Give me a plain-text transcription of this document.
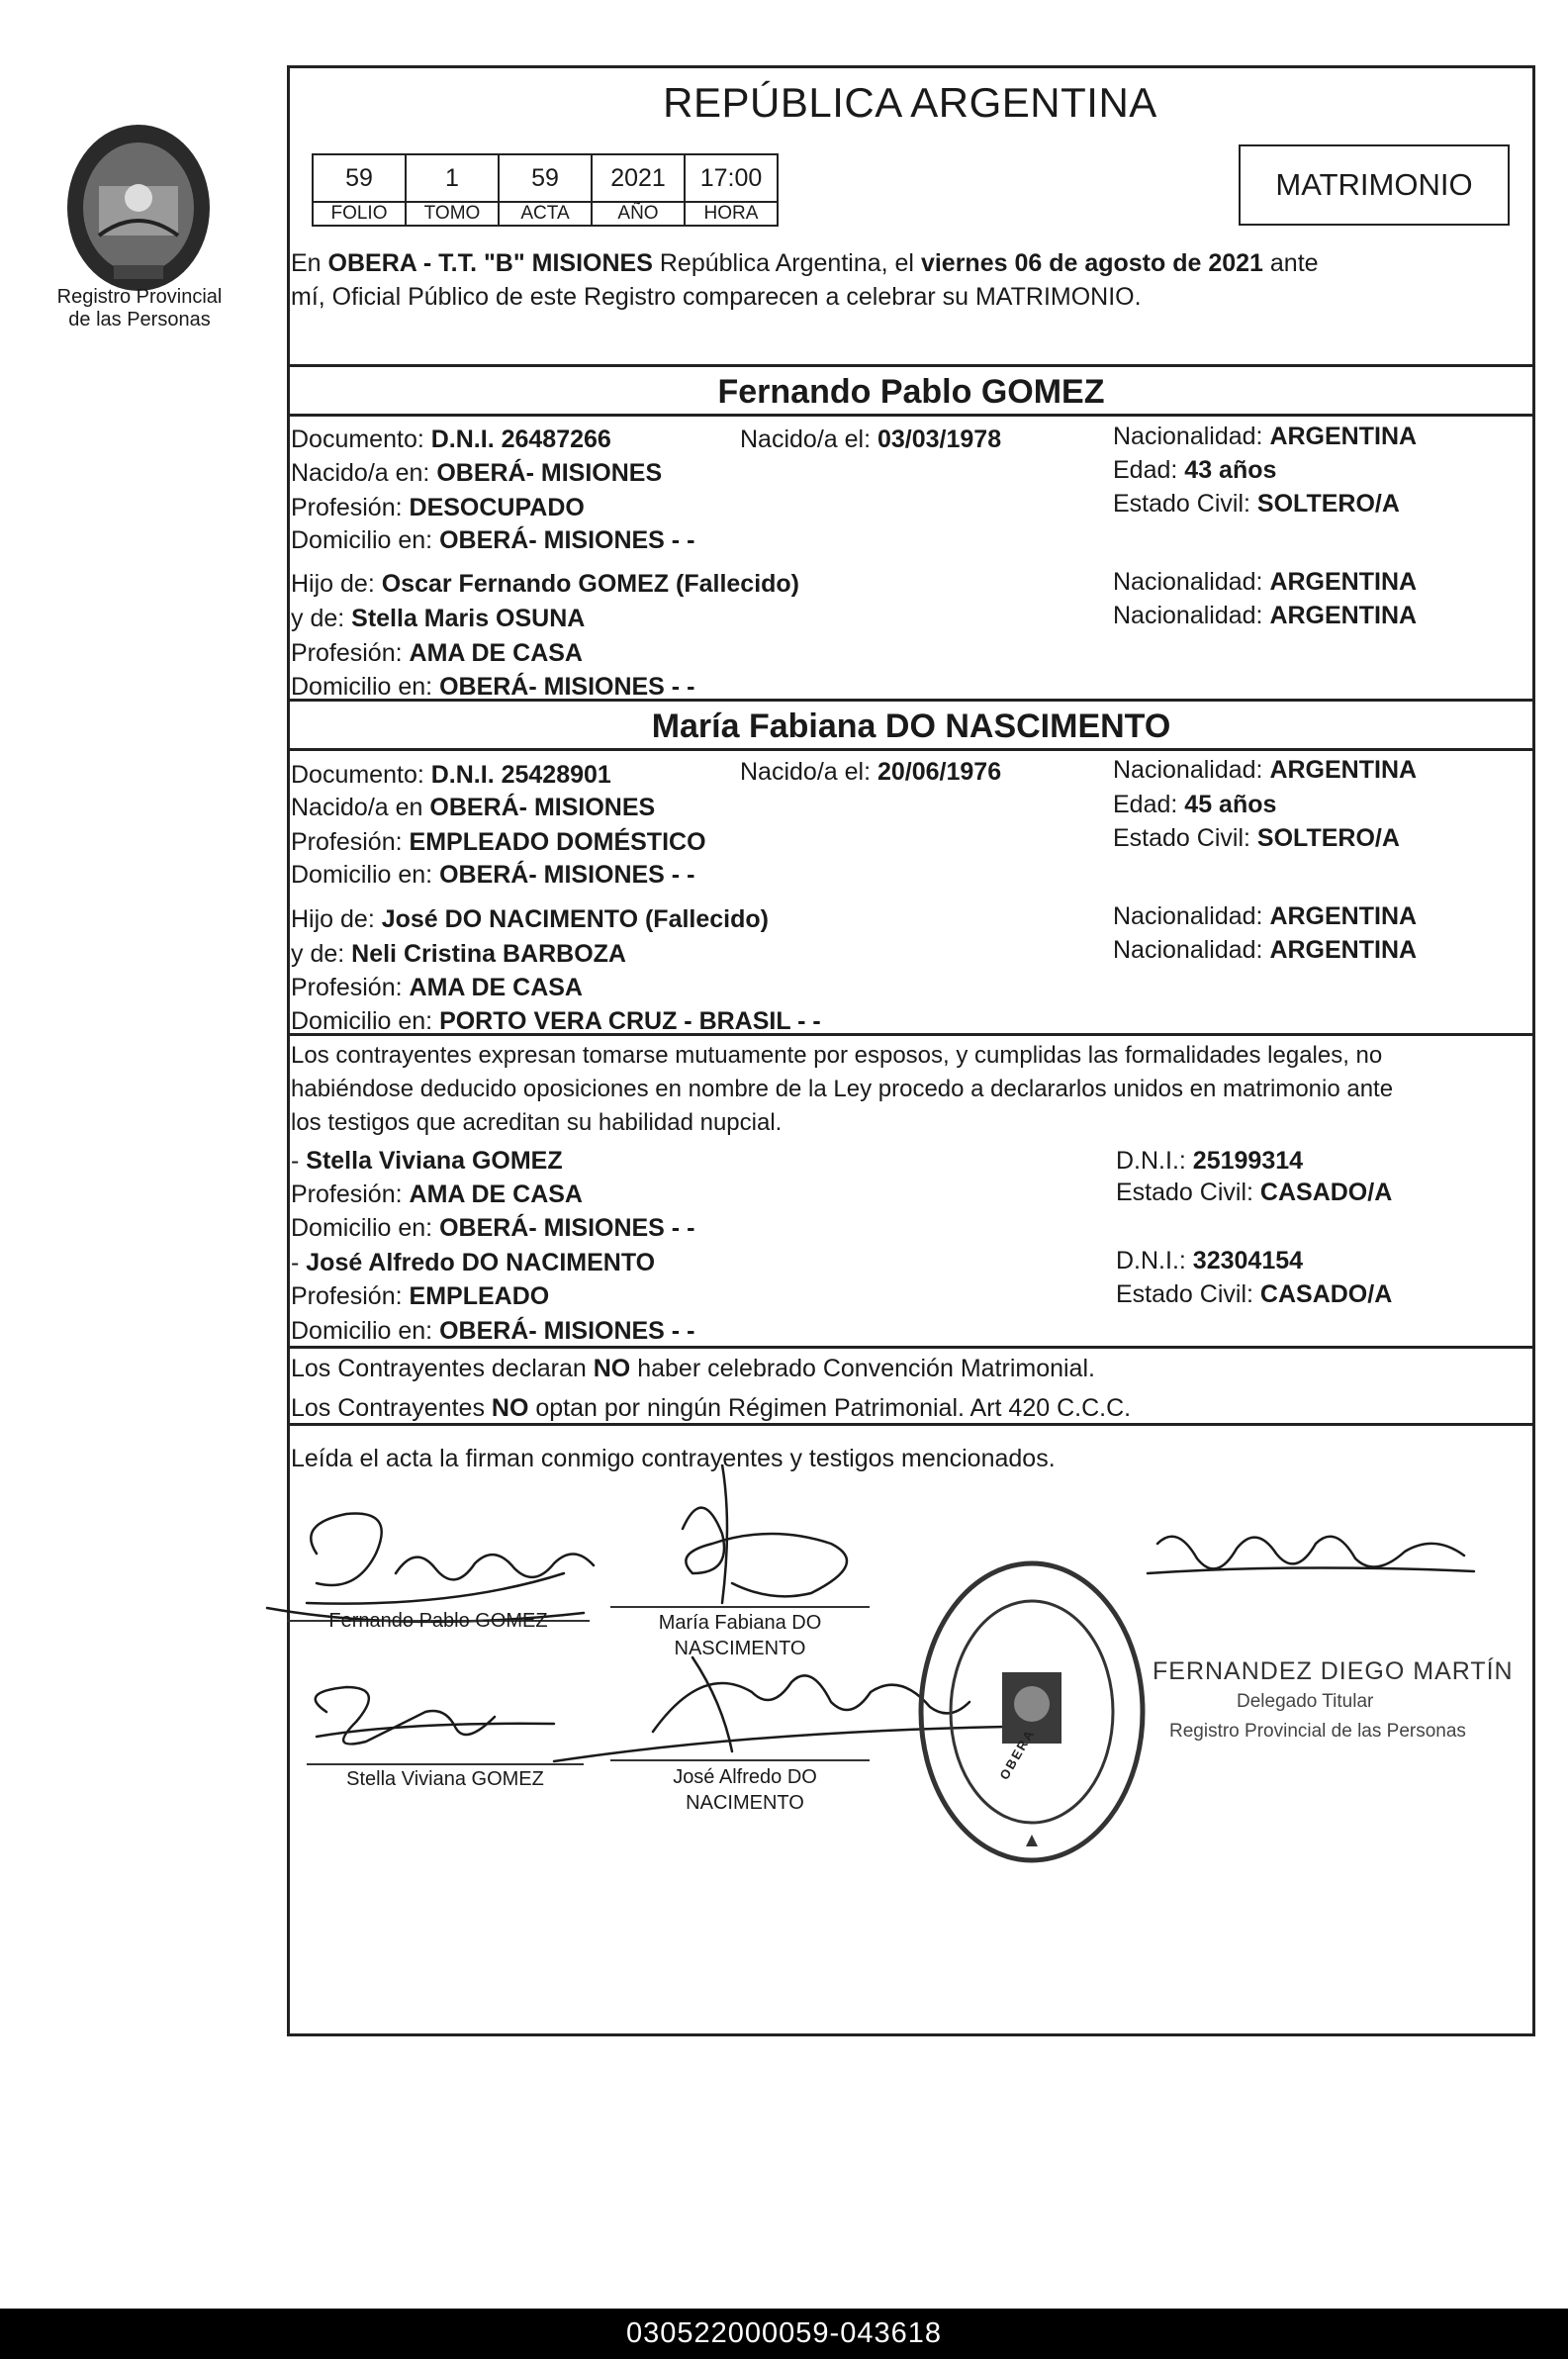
Registro Provincial
de las Personas
REPÚBLICA ARGENTINA
59	1	59	2021	17:00
FOLIO	TOMO	ACTA	AÑO	HORA
MATRIMONIO
En OBERA - T.T. "B" MISIONES República Argentina, el viernes 06 de agosto de 2021 ante
mí, Oficial Público de este Registro comparecen a celebrar su MATRIMONIO.
Fernando Pablo GOMEZ
Documento: D.N.I. 26487266	Nacido/a el: 03/03/1978	Nacionalidad: ARGENTINA
Nacido/a en: OBERÁ- MISIONES	Edad: 43 años
Profesión: DESOCUPADO	Estado Civil: SOLTERO/A
Domicilio en: OBERÁ- MISIONES - -
Hijo de: Oscar Fernando GOMEZ (Fallecido)	Nacionalidad: ARGENTINA
y de: Stella Maris OSUNA	Nacionalidad: ARGENTINA
Profesión: AMA DE CASA
Domicilio en: OBERÁ- MISIONES - -
María Fabiana DO NASCIMENTO
Documento: D.N.I. 25428901	Nacido/a el: 20/06/1976	Nacionalidad: ARGENTINA
Nacido/a en OBERÁ- MISIONES	Edad: 45 años
Profesión: EMPLEADO DOMÉSTICO	Estado Civil: SOLTERO/A
Domicilio en: OBERÁ- MISIONES - -
Hijo de: José DO NACIMENTO (Fallecido)	Nacionalidad: ARGENTINA
y de: Neli Cristina BARBOZA	Nacionalidad: ARGENTINA
Profesión: AMA DE CASA
Domicilio en: PORTO VERA CRUZ - BRASIL - -
Los contrayentes expresan tomarse mutuamente por esposos, y cumplidas las formalidades legales, no
habiéndose deducido oposiciones en nombre de la Ley procedo a declararlos unidos en matrimonio ante
los testigos que acreditan su habilidad nupcial.
- Stella Viviana GOMEZ	D.N.I.: 25199314
Profesión: AMA DE CASA	Estado Civil: CASADO/A
Domicilio en: OBERÁ- MISIONES - -
- José Alfredo DO NACIMENTO	D.N.I.: 32304154
Profesión: EMPLEADO	Estado Civil: CASADO/A
Domicilio en: OBERÁ- MISIONES - -
Los Contrayentes declaran NO haber celebrado Convención Matrimonial.
Los Contrayentes NO optan por ningún Régimen Patrimonial. Art 420 C.C.C.
Leída el acta la firman conmigo contrayentes y testigos mencionados.
Fernando Pablo GOMEZ	María Fabiana DO NASCIMENTO
Stella Viviana GOMEZ	José Alfredo DO NACIMENTO
OBERA
FERNANDEZ DIEGO MARTÍN
Delegado Titular
Registro Provincial de las Personas
030522000059-043618
